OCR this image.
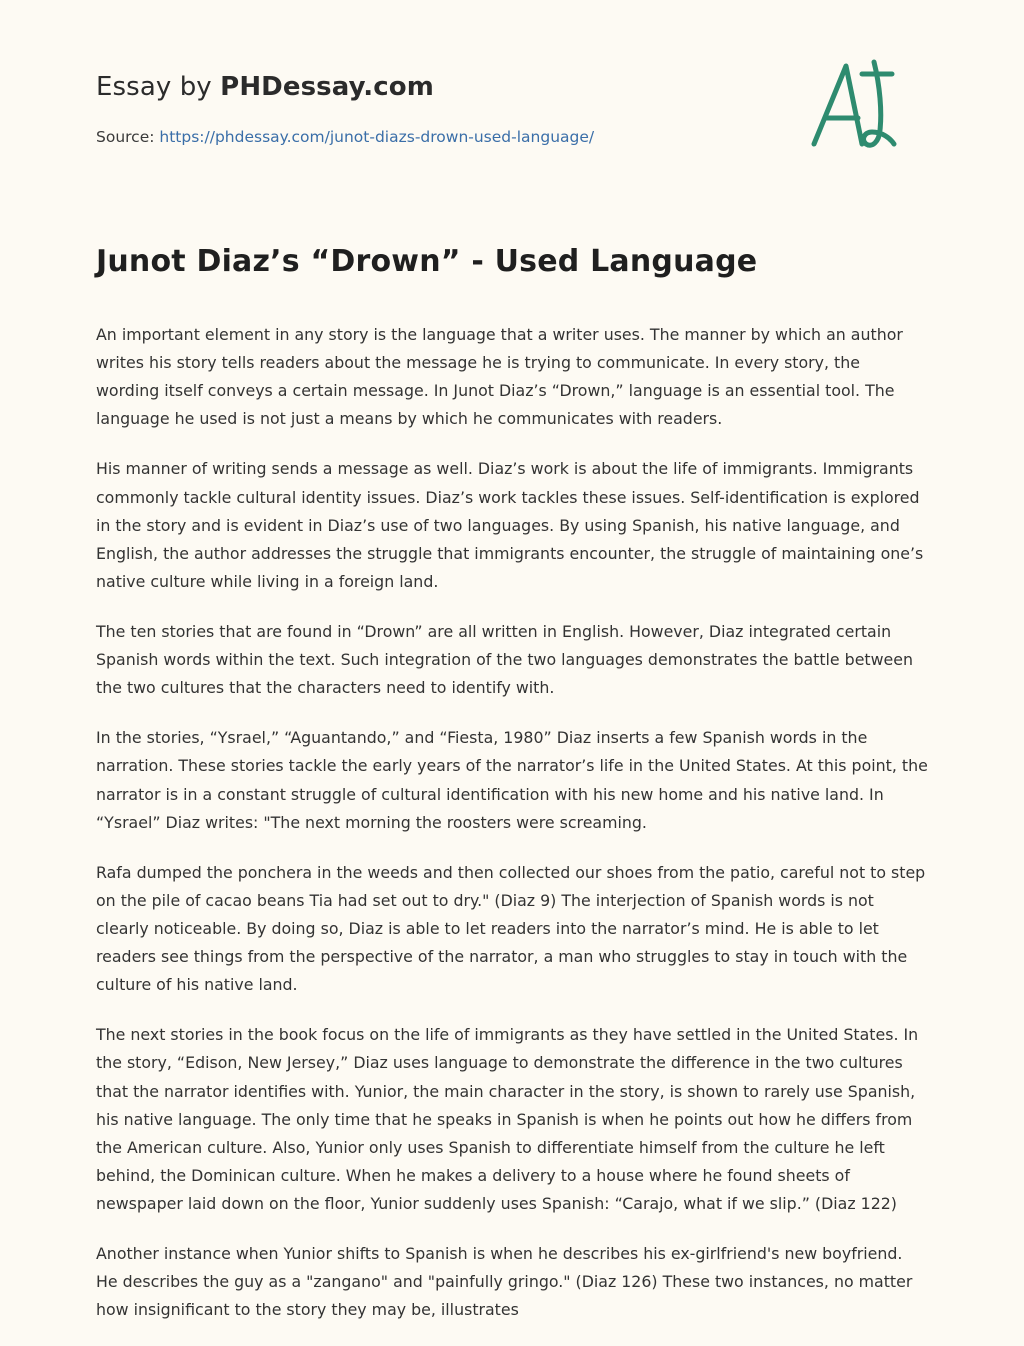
Essay by PHDessay.com
Source: https://phdessay.com/junot-diazs-drown-used-language/
Junot Diaz’s “Drown” - Used Language

An important element in any story is the language that a writer uses. The manner by which an author writes his story tells readers about the message he is trying to communicate. In every story, the wording itself conveys a certain message. In Junot Diaz’s “Drown,” language is an essential tool. The language he used is not just a means by which he communicates with readers.

His manner of writing sends a message as well. Diaz’s work is about the life of immigrants. Immigrants commonly tackle cultural identity issues. Diaz’s work tackles these issues. Self-identification is explored in the story and is evident in Diaz’s use of two languages. By using Spanish, his native language, and English, the author addresses the struggle that immigrants encounter, the struggle of maintaining one’s native culture while living in a foreign land.

The ten stories that are found in “Drown” are all written in English. However, Diaz integrated certain Spanish words within the text. Such integration of the two languages demonstrates the battle between the two cultures that the characters need to identify with.

In the stories, “Ysrael,” “Aguantando,” and “Fiesta, 1980” Diaz inserts a few Spanish words in the narration. These stories tackle the early years of the narrator’s life in the United States. At this point, the narrator is in a constant struggle of cultural identification with his new home and his native land. In “Ysrael” Diaz writes: "The next morning the roosters were screaming.

Rafa dumped the ponchera in the weeds and then collected our shoes from the patio, careful not to step on the pile of cacao beans Tia had set out to dry." (Diaz 9) The interjection of Spanish words is not clearly noticeable. By doing so, Diaz is able to let readers into the narrator’s mind. He is able to let readers see things from the perspective of the narrator, a man who struggles to stay in touch with the culture of his native land.

The next stories in the book focus on the life of immigrants as they have settled in the United States. In the story, “Edison, New Jersey,” Diaz uses language to demonstrate the difference in the two cultures that the narrator identifies with. Yunior, the main character in the story, is shown to rarely use Spanish, his native language. The only time that he speaks in Spanish is when he points out how he differs from the American culture. Also, Yunior only uses Spanish to differentiate himself from the culture he left behind, the Dominican culture. When he makes a delivery to a house where he found sheets of newspaper laid down on the floor, Yunior suddenly uses Spanish: “Carajo, what if we slip.” (Diaz 122)

Another instance when Yunior shifts to Spanish is when he describes his ex-girlfriend's new boyfriend. He describes the guy as a "zangano" and "painfully gringo." (Diaz 126) These two instances, no matter how insignificant to the story they may be, illustrates
